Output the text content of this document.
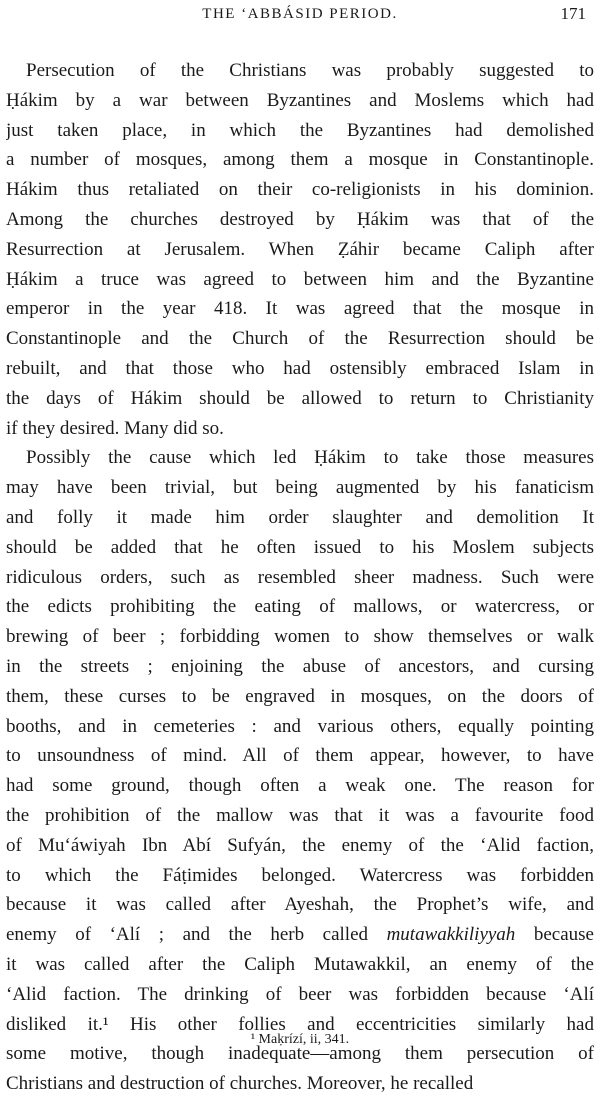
THE ‘ABBÁSID PERIOD.	171
Persecution of the Christians was probably suggested to
Ḥákim by a war between Byzantines and Moslems which had
just taken place, in which the Byzantines had demolished
a number of mosques, among them a mosque in Constantinople.
Hákim thus retaliated on their co-religionists in his dominion.
Among the churches destroyed by Ḥákim was that of the
Resurrection at Jerusalem. When Ẓáhir became Caliph after
Ḥákim a truce was agreed to between him and the Byzantine
emperor in the year 418. It was agreed that the mosque in
Constantinople and the Church of the Resurrection should be
rebuilt, and that those who had ostensibly embraced Islam in
the days of Hákim should be allowed to return to Christianity
if they desired. Many did so.
Possibly the cause which led Ḥákim to take those measures
may have been trivial, but being augmented by his fanaticism
and folly it made him order slaughter and demolition It
should be added that he often issued to his Moslem subjects
ridiculous orders, such as resembled sheer madness. Such were
the edicts prohibiting the eating of mallows, or watercress, or
brewing of beer ; forbidding women to show themselves or walk
in the streets ; enjoining the abuse of ancestors, and cursing
them, these curses to be engraved in mosques, on the doors of
booths, and in cemeteries : and various others, equally pointing
to unsoundness of mind. All of them appear, however, to have
had some ground, though often a weak one. The reason for
the prohibition of the mallow was that it was a favourite food
of Mu‘áwiyah Ibn Abí Sufyán, the enemy of the ‘Alid faction,
to which the Fáṭimides belonged. Watercress was forbidden
because it was called after Ayeshah, the Prophet’s wife, and
enemy of ‘Alí ; and the herb called mutawakkiliyyah because
it was called after the Caliph Mutawakkil, an enemy of the
‘Alid faction. The drinking of beer was forbidden because ‘Alí
disliked it.¹ His other follies and eccentricities similarly had
some motive, though inadequate—among them persecution of
Christians and destruction of churches. Moreover, he recalled
¹ Maḳrízí, ii, 341.
